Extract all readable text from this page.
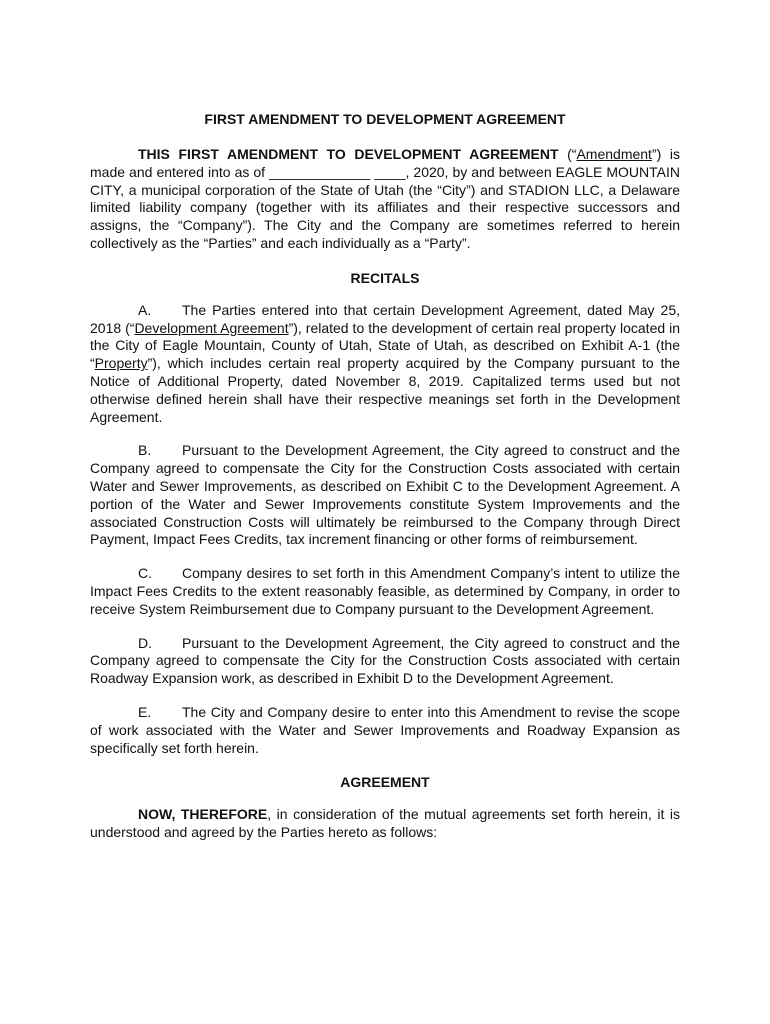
FIRST AMENDMENT TO DEVELOPMENT AGREEMENT

THIS FIRST AMENDMENT TO DEVELOPMENT AGREEMENT (“Amendment”) is made and entered into as of _____________ ____, 2020, by and between EAGLE MOUNTAIN CITY, a municipal corporation of the State of Utah (the “City”) and STADION LLC, a Delaware limited liability company (together with its affiliates and their respective successors and assigns, the “Company”). The City and the Company are sometimes referred to herein collectively as the “Parties” and each individually as a “Party”.

RECITALS

A. The Parties entered into that certain Development Agreement, dated May 25, 2018 (“Development Agreement”), related to the development of certain real property located in the City of Eagle Mountain, County of Utah, State of Utah, as described on Exhibit A-1 (the “Property”), which includes certain real property acquired by the Company pursuant to the Notice of Additional Property, dated November 8, 2019. Capitalized terms used but not otherwise defined herein shall have their respective meanings set forth in the Development Agreement.

B. Pursuant to the Development Agreement, the City agreed to construct and the Company agreed to compensate the City for the Construction Costs associated with certain Water and Sewer Improvements, as described on Exhibit C to the Development Agreement. A portion of the Water and Sewer Improvements constitute System Improvements and the associated Construction Costs will ultimately be reimbursed to the Company through Direct Payment, Impact Fees Credits, tax increment financing or other forms of reimbursement.

C. Company desires to set forth in this Amendment Company’s intent to utilize the Impact Fees Credits to the extent reasonably feasible, as determined by Company, in order to receive System Reimbursement due to Company pursuant to the Development Agreement.

D. Pursuant to the Development Agreement, the City agreed to construct and the Company agreed to compensate the City for the Construction Costs associated with certain Roadway Expansion work, as described in Exhibit D to the Development Agreement.

E. The City and Company desire to enter into this Amendment to revise the scope of work associated with the Water and Sewer Improvements and Roadway Expansion as specifically set forth herein.

AGREEMENT

NOW, THEREFORE, in consideration of the mutual agreements set forth herein, it is understood and agreed by the Parties hereto as follows:
